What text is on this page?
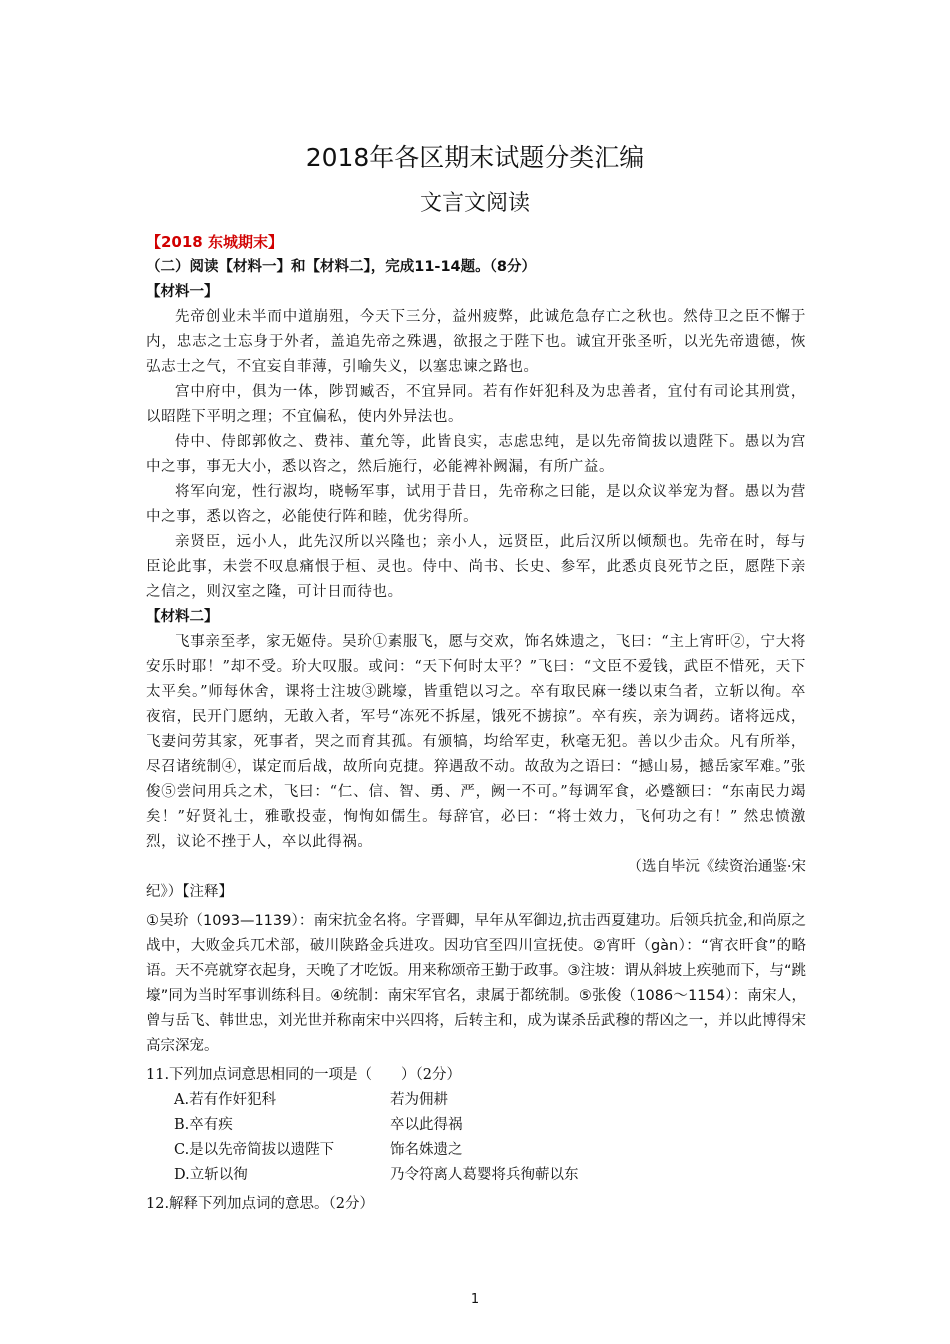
2018年各区期末试题分类汇编
文言文阅读
【2018 东城期末】
（二）阅读【材料一】和【材料二】，完成11-14题。（8分）
【材料一】
先帝创业未半而中道崩殂，今天下三分，益州疲弊，此诚危急存亡之秋也。然侍卫之臣不懈于内，忠志之士忘身于外者，盖追先帝之殊遇，欲报之于陛下也。诚宜开张圣听，以光先帝遗德，恢弘志士之气，不宜妄自菲薄，引喻失义，以塞忠谏之路也。
宫中府中，俱为一体，陟罚臧否，不宜异同。若有作奸犯科及为忠善者，宜付有司论其刑赏，以昭陛下平明之理；不宜偏私，使内外异法也。
侍中、侍郎郭攸之、费祎、董允等，此皆良实，志虑忠纯，是以先帝简拔以遗陛下。愚以为宫中之事，事无大小，悉以咨之，然后施行，必能裨补阙漏，有所广益。
将军向宠，性行淑均，晓畅军事，试用于昔日，先帝称之曰能，是以众议举宠为督。愚以为营中之事，悉以咨之，必能使行阵和睦，优劣得所。
亲贤臣，远小人，此先汉所以兴隆也；亲小人，远贤臣，此后汉所以倾颓也。先帝在时，每与臣论此事，未尝不叹息痛恨于桓、灵也。侍中、尚书、长史、参军，此悉贞良死节之臣，愿陛下亲之信之，则汉室之隆，可计日而待也。
【材料二】
飞事亲至孝，家无姬侍。吴玠①素服飞，愿与交欢，饰名姝遗之，飞曰：“主上宵旰②，宁大将安乐时耶！”却不受。玠大叹服。或问：“天下何时太平？”飞曰：“文臣不爱钱，武臣不惜死，天下太平矣。”师每休舍，课将士注坡③跳壕，皆重铠以习之。卒有取民麻一缕以束刍者，立斩以徇。卒夜宿，民开门愿纳，无敢入者，军号“冻死不拆屋，饿死不掳掠”。卒有疾，亲为调药。诸将远戍，飞妻问劳其家，死事者，哭之而育其孤。有颁犒，均给军吏，秋毫无犯。善以少击众。凡有所举，尽召诸统制④，谋定而后战，故所向克捷。猝遇敌不动。故敌为之语曰：“撼山易，撼岳家军难。”张俊⑤尝问用兵之术，飞曰：“仁、信、智、勇、严，阙一不可。”每调军食，必蹙额曰：“东南民力竭矣！”好贤礼士，雅歌投壶，恂恂如儒生。每辞官，必曰：“将士效力，飞何功之有！” 然忠愤激烈，议论不挫于人，卒以此得祸。
（选自毕沅《续资治通鉴·宋
纪》）【注释】
①吴玠（1093—1139）：南宋抗金名将。字晋卿，早年从军御边,抗击西夏建功。后领兵抗金,和尚原之战中，大败金兵兀术部，破川陕路金兵进攻。因功官至四川宣抚使。②宵旰（gàn）：“宵衣旰食”的略语。天不亮就穿衣起身，天晚了才吃饭。用来称颂帝王勤于政事。③注坡：谓从斜坡上疾驰而下，与“跳壕”同为当时军事训练科目。④统制：南宋军官名，隶属于都统制。⑤张俊（1086～1154）：南宋人，曾与岳飞、韩世忠，刘光世并称南宋中兴四将，后转主和，成为谋杀岳武穆的帮凶之一，并以此博得宋高宗深宠。
11.下列加点词意思相同的一项是（　　）（2分）
A.若有作奸犯科	若为佣耕
B.卒有疾	卒以此得祸
C.是以先帝简拔以遗陛下	饰名姝遗之
D.立斩以徇	乃令符离人葛婴将兵徇蕲以东
12.解释下列加点词的意思。（2分）
1
